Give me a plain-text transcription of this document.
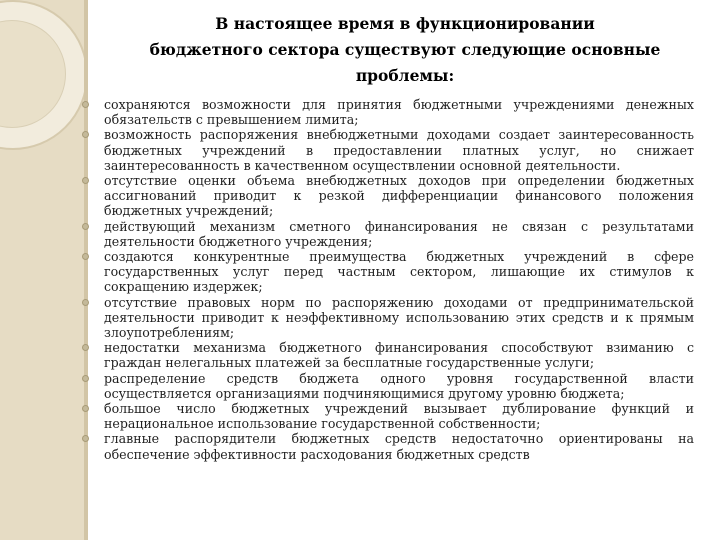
В настоящее время в функционировании
бюджетного сектора существуют следующие основные
проблемы:
сохраняются возможности для принятия бюджетными учреждениями денежных обязательств с превышением лимита;
возможность распоряжения внебюджетными доходами создает заинтересованность бюджетных учреждений в предоставлении платных услуг, но снижает заинтересованность в качественном осуществлении основной деятельности.
отсутствие оценки объема внебюджетных доходов при определении бюджетных ассигнований приводит к резкой дифференциации финансового положения бюджетных учреждений;
действующий механизм сметного финансирования не связан с результатами деятельности бюджетного учреждения;
создаются конкурентные преимущества бюджетных учреждений в сфере государственных услуг перед частным сектором, лишающие их стимулов к сокращению издержек;
отсутствие правовых норм по распоряжению доходами от предпринимательской деятельности приводит к неэффективному использованию этих средств и к прямым злоупотреблениям;
недостатки механизма бюджетного финансирования способствуют взиманию с граждан нелегальных платежей за бесплатные государственные услуги;
распределение средств бюджета одного уровня государственной власти осуществляется организациями подчиняющимися другому уровню бюджета;
большое число бюджетных учреждений вызывает дублирование функций и нерациональное использование государственной собственности;
главные распорядители бюджетных средств недостаточно ориентированы на обеспечение эффективности расходования бюджетных средств
